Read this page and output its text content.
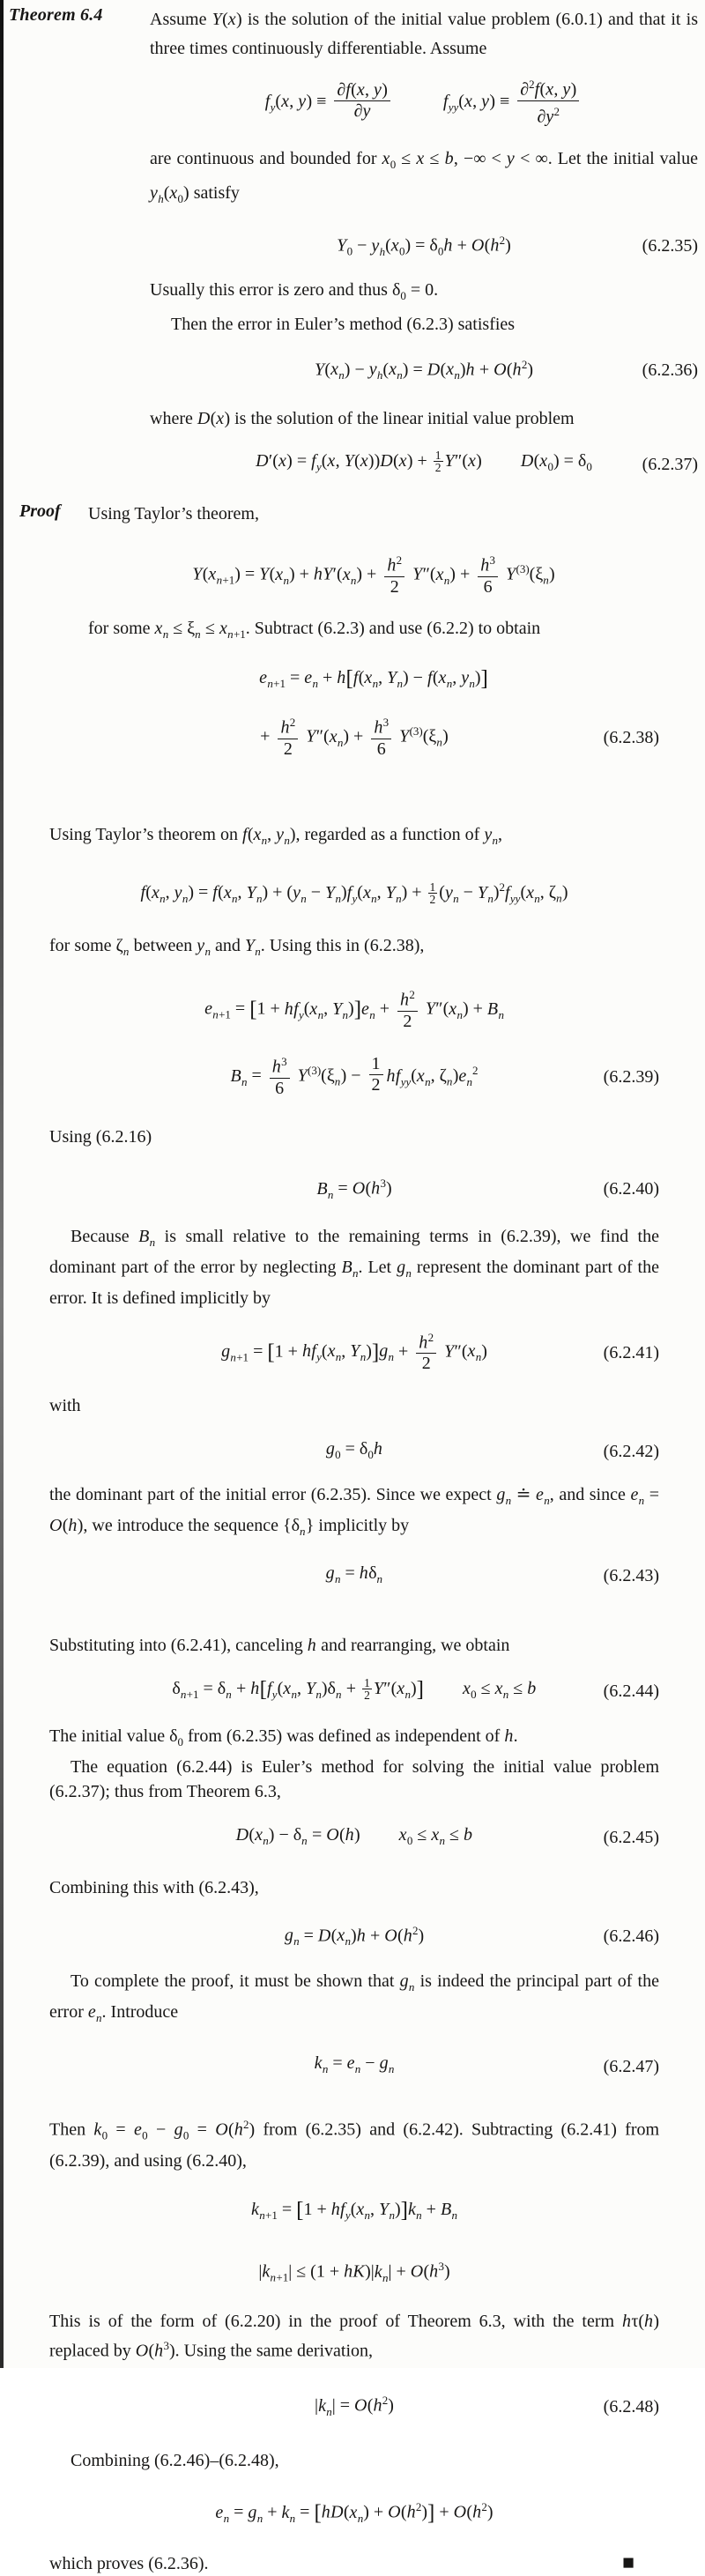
Theorem 6.4	Assume Y(x) is the solution of the initial value problem (6.0.1) and that it is three times continuously differentiable. Assume

$f_y(x$, $y) \equiv \frac{\partial f(x, y)}{\partial y}$	$f_{yy}(x$, $y) \equiv \frac{\partial^2f(x, y)}{\partial y^2}$

are continuous and bounded for $x_0 \le x \le b$, −∞ < y < ∞. Let the initial value $y_h(x_0)$ satisfy

$Y_0 - y_h(x_0) = \delta_0h + O(h^2)$	(6.2.35)

Usually this error is zero and thus $\delta_0 = 0$.

Then the error in Euler’s method (6.2.3) satisfies

$Y(x_n) - y_h(x_n) = D(x_n)h + O(h^2)$	(6.2.36)

where D(x) is the solution of the linear initial value problem

$D'(x) = f_y(x$, $Y(x))D(x) + \frac{1}{2} Y''(x) D(x_0) = \delta_0$	(6.2.37)
Proof Using Taylor’s theorem,
$Y(x_{n+1}) = Y(x_n) + hY'(x_n) + \frac{h^2}{2} Y''(x_n) + \frac{h^3}{6} Y^{(3)}(\xi_n)$

for some $x_n \le \xi_n \le x_{n+1}$. Subtract (6.2.3) and use (6.2.2) to obtain

$e_{n+1} = e_n + h[f(x_n$, $Y_n) - f(x_n$, $y_n$)]
+ $\frac{h^2}{2} Y''(x_n) + \frac{h^3}{6} Y^{(3)}(\xi_n)$	(6.2.38)

Using Taylor’s theorem on $f(x_n$, $y_n$), regarded as a function of $y_n$,

$f(x_n$, $y_n) = f(x_n$, $Y_n) + (y_n - Y_n)f_y(x_n$, $Y_n) + \frac{1}{2} (y_n - Y_n)^2f_{yy}(x_n$, $\zeta_n$)

for some $\zeta_n$ between $y_n$ and $Y_n$. Using this in (6.2.38),

$e_{n+1} = [1 + hf_y(x_n$, $Y_n)]e_n + \frac{h^2}{2} Y''(x_n) + B_n$
$B_n = \frac{h^3}{6} Y^{(3)}(\xi_n) - \frac{1}{2} hf_{yy}(x_n$, $\zeta_n)e_n^2$	(6.2.39)

Using (6.2.16)

$B_n = O(h^3)$	(6.2.40)

Because $B_n$ is small relative to the remaining terms in (6.2.39), we find the dominant part of the error by neglecting $B_n$. Let $g_n$ represent the dominant part of the error. It is defined implicitly by

$g_{n+1} = [1 + hf_y(x_n$, $Y_n)]g_n + \frac{h^2}{2} Y''(x_n)$	(6.2.41)

with

$g_0 = \delta_0h$	(6.2.42)

the dominant part of the initial error (6.2.35). Since we expect $g_n$ ≐ $e_n$, and since $e_n = O(h)$, we introduce the sequence $\{\delta_n\}$ implicitly by

$g_n = h\delta_n$	(6.2.43)

Substituting into (6.2.41), canceling h and rearranging, we obtain

$\delta_{n+1} = \delta_n + h[f_y(x_n$, $Y_n)\delta_n + \frac{1}{2} Y''(x_n)$] $x_0 \le x_n \le b$	(6.2.44)

The initial value $\delta_0$ from (6.2.35) was defined as independent of h.

The equation (6.2.44) is Euler’s method for solving the initial value problem (6.2.37); thus from Theorem 6.3,

$D(x_n) - \delta_n = O(h) x_0 \le x_n \le b$	(6.2.45)

Combining this with (6.2.43),

$g_n = D(x_n)h + O(h^2)$	(6.2.46)

To complete the proof, it must be shown that $g_n$ is indeed the principal part of the error $e_n$. Introduce

$k_n = e_n - g_n$	(6.2.47)

Then $k_0 = e_0 - g_0 = O(h^2)$ from (6.2.35) and (6.2.42). Subtracting (6.2.41) from (6.2.39), and using (6.2.40),

$k_{n+1} = [1 + hf_y(x_n$, $Y_n)]k_n + B_n$
$|k_{n+1}| \le (1 + hK)|k_n| + O(h^3)$

This is of the form of (6.2.20) in the proof of Theorem 6.3, with the term hτ(h) replaced by $O(h^3)$. Using the same derivation,

$|k_n| = O(h^2)$	(6.2.48)

Combining (6.2.46)–(6.2.48),

$e_n = g_n + k_n = [hD(x_n) + O(h^2)] + O(h^2)$

■
which proves (6.2.36).
